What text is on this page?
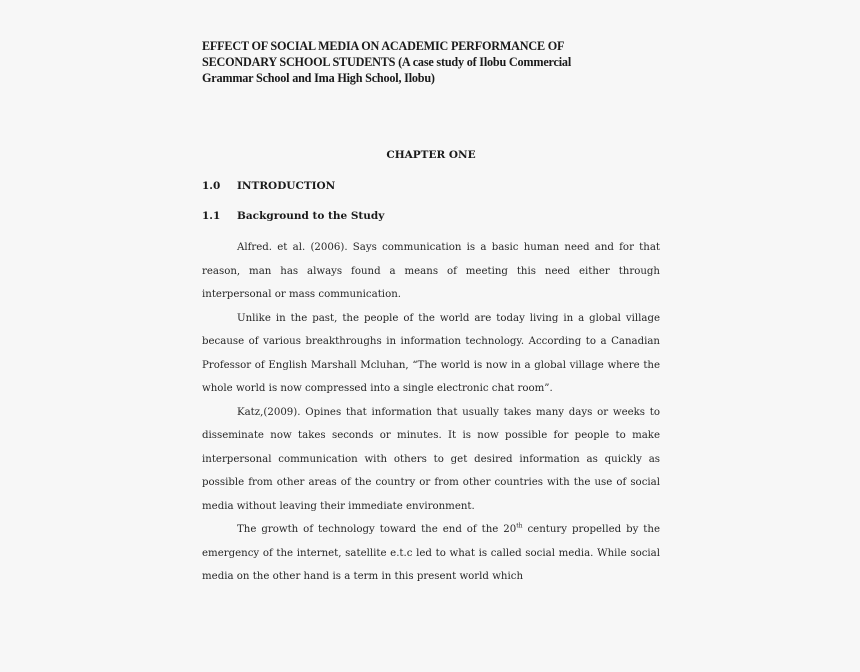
EFFECT OF SOCIAL MEDIA ON ACADEMIC PERFORMANCE OF
SECONDARY SCHOOL STUDENTS (A case study of Ilobu Commercial
Grammar School and Ima High School, Ilobu)
CHAPTER ONE
1.0 INTRODUCTION
1.1 Background to the Study

Alfred. et al. (2006). Says communication is a basic human need and for that reason, man has always found a means of meeting this need either through interpersonal or mass communication.

Unlike in the past, the people of the world are today living in a global village because of various breakthroughs in information technology. According to a Canadian Professor of English Marshall Mcluhan, “The world is now in a global village where the whole world is now compressed into a single electronic chat room”.

Katz,(2009). Opines that information that usually takes many days or weeks to disseminate now takes seconds or minutes. It is now possible for people to make interpersonal communication with others to get desired information as quickly as possible from other areas of the country or from other countries with the use of social media without leaving their immediate environment.

The growth of technology toward the end of the 20th century propelled by the emergency of the internet, satellite e.t.c led to what is called social media. While social media on the other hand is a term in this present world which
